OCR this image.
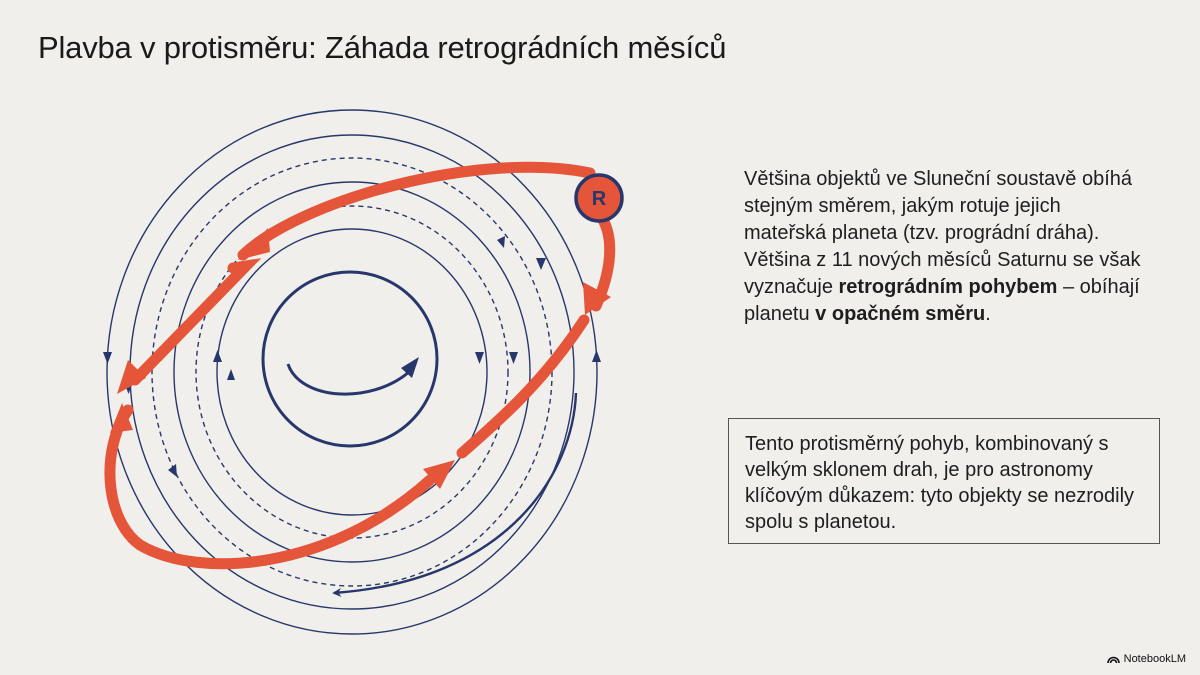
Plavba v protisměru: Záhada retrográdních měsíců
R
Většina objektů ve Sluneční soustavě obíhá stejným směrem, jakým rotuje jejich mateřská planeta (tzv. prográdní dráha). Většina z 11 nových měsíců Saturnu se však vyznačuje retrográdním pohybem – obíhají planetu v opačném směru.
Tento protisměrný pohyb, kombinovaný s velkým sklonem drah, je pro astronomy klíčovým důkazem: tyto objekty se nezrodily spolu s planetou.
NotebookLM
